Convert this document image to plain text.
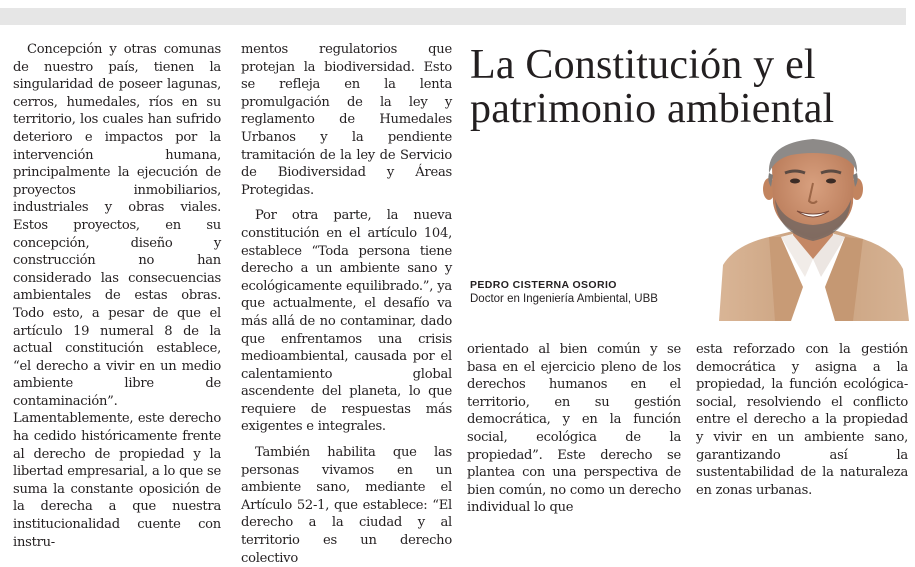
Concepción y otras comunas de nuestro país, tienen la singularidad de poseer lagunas, cerros, humedales, ríos en su territorio, los cuales han sufrido deterioro e impactos por la intervención humana, principalmente la ejecución de proyectos inmobiliarios, industriales y obras viales. Estos proyectos, en su concepción, diseño y construcción no han considerado las consecuencias ambientales de estas obras. Todo esto, a pesar de que el artículo 19 numeral 8 de la actual constitución establece, “el derecho a vivir en un medio ambiente libre de contaminación”. Lamentablemente, este derecho ha cedido históricamente frente al derecho de propiedad y la libertad empresarial, a lo que se suma la constante oposición de la derecha a que nuestra institucionalidad cuente con instru-

mentos regulatorios que protejan la biodiversidad. Esto se refleja en la lenta promulgación de la ley y reglamento de Humedales Urbanos y la pendiente tramitación de la ley de Servicio de Biodiversidad y Áreas Protegidas.

Por otra parte, la nueva constitución en el artículo 104, establece “Toda persona tiene derecho a un ambiente sano y ecológicamente equilibrado.”, ya que actualmente, el desafío va más allá de no contaminar, dado que enfrentamos una crisis medioambiental, causada por el calentamiento global ascendente del planeta, lo que requiere de respuestas más exigentes e integrales.

También habilita que las personas vivamos en un ambiente sano, mediante el Artículo 52-1, que establece: “El derecho a la ciudad y al territorio es un derecho colectivo

La Constitución y el
patrimonio ambiental
PEDRO CISTERNA OSORIO
Doctor en Ingeniería Ambiental, UBB

orientado al bien común y se basa en el ejercicio pleno de los derechos humanos en el territorio, en su gestión democrática, y en la función social, ecológica de la propiedad”. Este derecho se plantea con una perspectiva de bien común, no como un derecho individual lo que

esta reforzado con la gestión democrática y asigna a la propiedad, la función ecológica-social, resolviendo el conflicto entre el derecho a la propiedad y vivir en un ambiente sano, garantizando así la sustentabilidad de la naturaleza en zonas urbanas.
